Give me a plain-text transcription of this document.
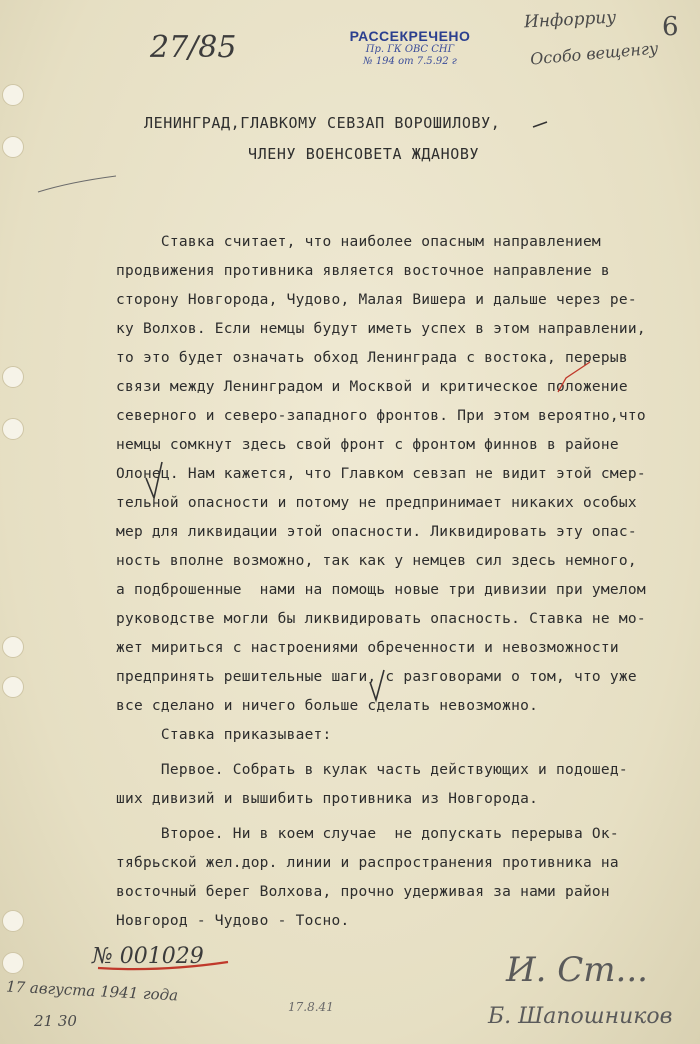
27/85	РАССЕКРЕЧЕНО
Пр. ГК ОВС СНГ
№ 194 от 7.5.92 г
Инфорриу
Особо вещенгу
6
ЛЕНИНГРАД,ГЛАВКОМУ СЕВЗАП ВОРОШИЛОВУ,
ЧЛЕНУ ВОЕНСОВЕТА ЖДАНОВУ
Ставка считает, что наиболее опасным направлением
продвижения противника является восточное направление в
сторону Новгорода, Чудово, Малая Вишера и дальше через ре-
ку Волхов. Если немцы будут иметь успех в этом направлении,
то это будет означать обход Ленинграда с востока, перерыв
связи между Ленинградом и Москвой и критическое положение
северного и северо-западного фронтов. При этом вероятно,что
немцы сомкнут здесь свой фронт с фронтом финнов в районе
Олонец. Нам кажется, что Главком севзап не видит этой смер-
тельной опасности и потому не предпринимает никаких особых
мер для ликвидации этой опасности. Ликвидировать эту опас-
ность вполне возможно, так как у немцев сил здесь немного,
а подброшенные  нами на помощь новые три дивизии при умелом
руководстве могли бы ликвидировать опасность. Ставка не мо-
жет мириться с настроениями обреченности и невозможности
предпринять решительные шаги, с разговорами о том, что уже
все сделано и ничего больше сделать невозможно.
Ставка приказывает:
Первое. Собрать в кулак часть действующих и подошед-
ших дивизий и вышибить противника из Новгорода.
Второе. Ни в коем случае  не допускать перерыва Ок-
тябрьской жел.дор. линии и распространения противника на
восточный берег Волхова, прочно удерживая за нами район
Новгород - Чудово - Тосно.
№ 001029
17 августа 1941 года
21 30
17.8.41
И. Ст...
Б. Шапошников
